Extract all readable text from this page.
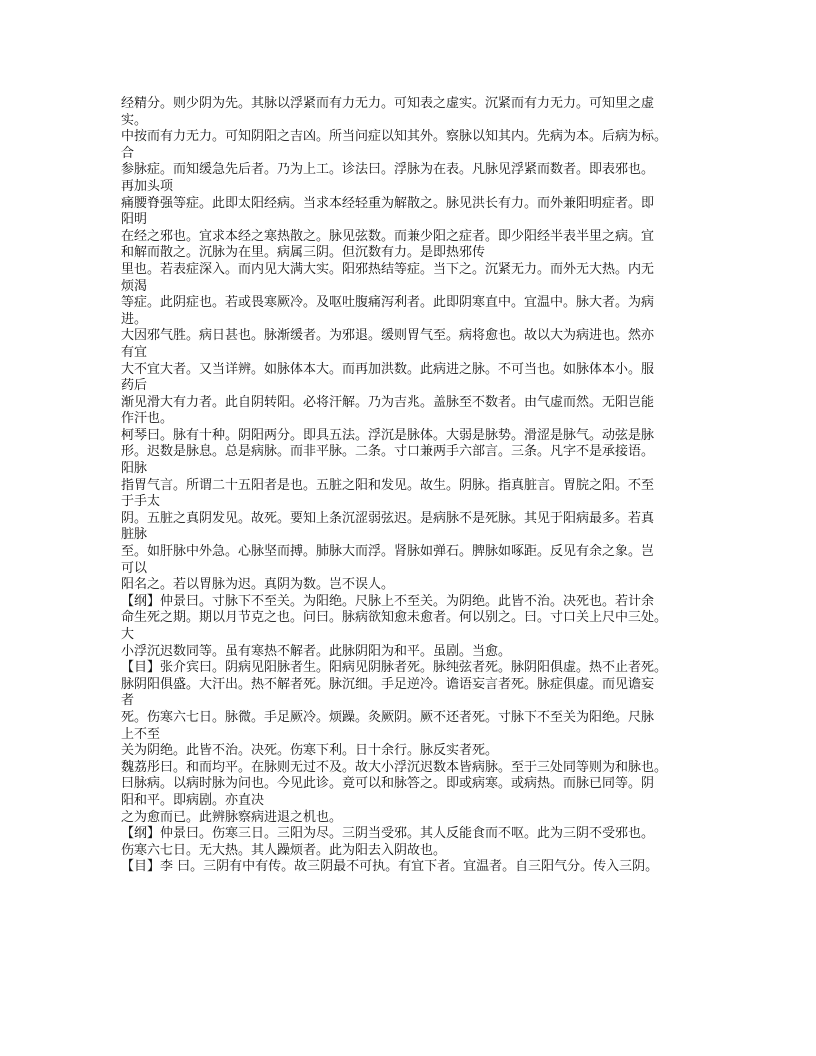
经精分。则少阴为先。其脉以浮紧而有力无力。可知表之虚实。沉紧而有力无力。可知里之虚
实。
中按而有力无力。可知阴阳之吉凶。所当问症以知其外。察脉以知其内。先病为本。后病为标。
合
参脉症。而知缓急先后者。乃为上工。诊法曰。浮脉为在表。凡脉见浮紧而数者。即表邪也。
再加头项
痛腰脊强等症。此即太阳经病。当求本经轻重为解散之。脉见洪长有力。而外兼阳明症者。即
阳明
在经之邪也。宜求本经之寒热散之。脉见弦数。而兼少阳之症者。即少阳经半表半里之病。宜
和解而散之。沉脉为在里。病属三阴。但沉数有力。是即热邪传
里也。若表症深入。而内见大满大实。阳邪热结等症。当下之。沉紧无力。而外无大热。内无
烦渴
等症。此阴症也。若或畏寒厥冷。及呕吐腹痛泻利者。此即阴寒直中。宜温中。脉大者。为病
进。
大因邪气胜。病日甚也。脉渐缓者。为邪退。缓则胃气至。病将愈也。故以大为病进也。然亦
有宜
大不宜大者。又当详辨。如脉体本大。而再加洪数。此病进之脉。不可当也。如脉体本小。服
药后
渐见滑大有力者。此自阴转阳。必将汗解。乃为吉兆。盖脉至不数者。由气虚而然。无阳岂能
作汗也。
柯琴曰。脉有十种。阴阳两分。即具五法。浮沉是脉体。大弱是脉势。滑涩是脉气。动弦是脉
形。迟数是脉息。总是病脉。而非平脉。二条。寸口兼两手六部言。三条。凡字不是承接语。
阳脉
指胃气言。所谓二十五阳者是也。五脏之阳和发见。故生。阴脉。指真脏言。胃脘之阳。不至
于手太
阴。五脏之真阴发见。故死。要知上条沉涩弱弦迟。是病脉不是死脉。其见于阳病最多。若真
脏脉
至。如肝脉中外急。心脉坚而搏。肺脉大而浮。肾脉如弹石。脾脉如啄距。反见有余之象。岂
可以
阳名之。若以胃脉为迟。真阴为数。岂不误人。
【纲】仲景曰。寸脉下不至关。为阳绝。尺脉上不至关。为阴绝。此皆不治。决死也。若计余
命生死之期。期以月节克之也。问曰。脉病欲知愈未愈者。何以别之。曰。寸口关上尺中三处。
大
小浮沉迟数同等。虽有寒热不解者。此脉阴阳为和平。虽剧。当愈。
【目】张介宾曰。阴病见阳脉者生。阳病见阴脉者死。脉纯弦者死。脉阴阳俱虚。热不止者死。
脉阴阳俱盛。大汗出。热不解者死。脉沉细。手足逆冷。谵语妄言者死。脉症俱虚。而见谵妄
者
死。伤寒六七日。脉微。手足厥冷。烦躁。灸厥阴。厥不还者死。寸脉下不至关为阳绝。尺脉
上不至
关为阴绝。此皆不治。决死。伤寒下利。日十余行。脉反实者死。
魏荔彤曰。和而均平。在脉则无过不及。故大小浮沉迟数本皆病脉。至于三处同等则为和脉也。
曰脉病。以病时脉为问也。今见此诊。竟可以和脉答之。即或病寒。或病热。而脉已同等。阴
阳和平。即病剧。亦直决
之为愈而已。此辨脉察病进退之机也。
【纲】仲景曰。伤寒三日。三阳为尽。三阴当受邪。其人反能食而不呕。此为三阴不受邪也。
伤寒六七日。无大热。其人躁烦者。此为阳去入阴故也。
【目】李 曰。三阴有中有传。故三阴最不可执。有宜下者。宜温者。自三阳气分。传入三阴。
